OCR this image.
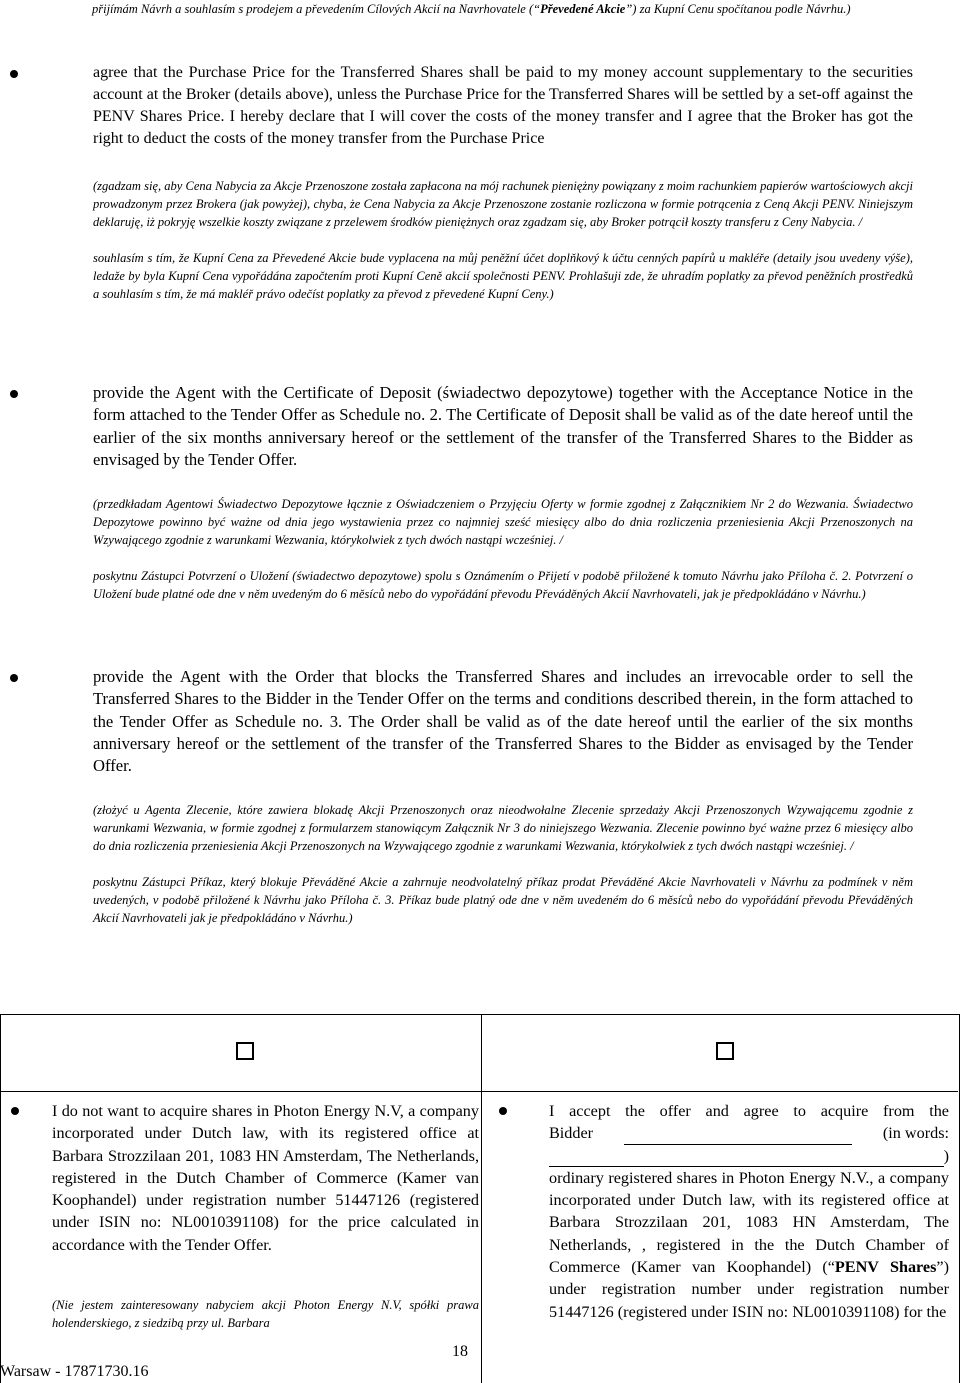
přijímám Návrh a souhlasím s prodejem a převedením Cílových Akcií na Navrhovatele (“Převedené Akcie”) za Kupní Cenu spočítanou podle Návrhu.)

agree that the Purchase Price for the Transferred Shares shall be paid to my money account supplementary to the securities account at the Broker (details above), unless the Purchase Price for the Transferred Shares will be settled by a set-off against the PENV Shares Price. I hereby declare that I will cover the costs of the money transfer and I agree that the Broker has got the right to deduct the costs of the money transfer from the Purchase Price

(zgadzam się, aby Cena Nabycia za Akcje Przenoszone została zapłacona na mój rachunek pieniężny powiązany z moim rachunkiem papierów wartościowych akcji prowadzonym przez Brokera (jak powyżej), chyba, że Cena Nabycia za Akcje Przenoszone zostanie rozliczona w formie potrącenia z Ceną Akcji PENV. Niniejszym deklaruję, iż pokryję wszelkie koszty związane z przelewem środków pieniężnych oraz zgadzam się, aby Broker potrącił koszty transferu z Ceny Nabycia. /

souhlasím s tím, že Kupní Cena za Převedené Akcie bude vyplacena na můj peněžní účet doplňkový k účtu cenných papírů u makléře (detaily jsou uvedeny výše), ledaže by byla Kupní Cena vypořádána započtením proti Kupní Ceně akcií společnosti PENV. Prohlašuji zde, že uhradím poplatky za převod peněžních prostředků a souhlasím s tím, že má makléř právo odečíst poplatky za převod z převedené Kupní Ceny.)

provide the Agent with the Certificate of Deposit (świadectwo depozytowe) together with the Acceptance Notice in the form attached to the Tender Offer as Schedule no. 2. The Certificate of Deposit shall be valid as of the date hereof until the earlier of the six months anniversary hereof or the settlement of the transfer of the Transferred Shares to the Bidder as envisaged by the Tender Offer.

(przedkładam Agentowi Świadectwo Depozytowe łącznie z Oświadczeniem o Przyjęciu Oferty w formie zgodnej z Załącznikiem Nr 2 do Wezwania. Świadectwo Depozytowe powinno być ważne od dnia jego wystawienia przez co najmniej sześć miesięcy albo do dnia rozliczenia przeniesienia Akcji Przenoszonych na Wzywającego zgodnie z warunkami Wezwania, którykolwiek z tych dwóch nastąpi wcześniej. /

poskytnu Zástupci Potvrzení o Uložení (świadectwo depozytowe) spolu s Oznámením o Přijetí v podobě přiložené k tomuto Návrhu jako Příloha č. 2. Potvrzení o Uložení bude platné ode dne v něm uvedeným do 6 měsíců nebo do vypořádání převodu Převáděných Akcií Navrhovateli, jak je předpokládáno v Návrhu.)

provide the Agent with the Order that blocks the Transferred Shares and includes an irrevocable order to sell the Transferred Shares to the Bidder in the Tender Offer on the terms and conditions described therein, in the form attached to the Tender Offer as Schedule no. 3. The Order shall be valid as of the date hereof until the earlier of the six months anniversary hereof or the settlement of the transfer of the Transferred Shares to the Bidder as envisaged by the Tender Offer.

(złożyć u Agenta Zlecenie, które zawiera blokadę Akcji Przenoszonych oraz nieodwołalne Zlecenie sprzedaży Akcji Przenoszonych Wzywającemu zgodnie z warunkami Wezwania, w formie zgodnej z formularzem stanowiącym Załącznik Nr 3 do niniejszego Wezwania. Zlecenie powinno być ważne przez 6 miesięcy albo do dnia rozliczenia przeniesienia Akcji Przenoszonych na Wzywającego zgodnie z warunkami Wezwania, którykolwiek z tych dwóch nastąpi wcześniej. /

poskytnu Zástupci Příkaz, který blokuje Převáděné Akcie a zahrnuje neodvolatelný příkaz prodat Převáděné Akcie Navrhovateli v Návrhu za podmínek v něm uvedených, v podobě přiložené k Návrhu jako Příloha č. 3. Příkaz bude platný ode dne v něm uvedeném do 6 měsíců nebo do vypořádání převodu Převáděných Akcií Navrhovateli jak je předpokládáno v Návrhu.)

I do not want to acquire shares in Photon Energy N.V, a company incorporated under Dutch law, with its registered office at Barbara Strozzilaan 201, 1083 HN Amsterdam, The Netherlands, registered in the Dutch Chamber of Commerce (Kamer van Koophandel) under registration number 51447126 (registered under ISIN no: NL0010391108) for the price calculated in accordance with the Tender Offer.
(Nie jestem zainteresowany nabyciem akcji Photon Energy N.V, spółki prawa holenderskiego, z siedzibą przy ul. Barbara
I accept the offer and agree to acquire from the
Bidder	(in words:
)
ordinary registered shares in Photon Energy N.V., a company incorporated under Dutch law, with its registered office at Barbara Strozzilaan 201, 1083 HN Amsterdam, The Netherlands, , registered in the the Dutch Chamber of Commerce (Kamer van Koophandel) (“PENV Shares”) under registration number under registration number 51447126 (registered under ISIN no: NL0010391108) for the
18
Warsaw - 17871730.16
